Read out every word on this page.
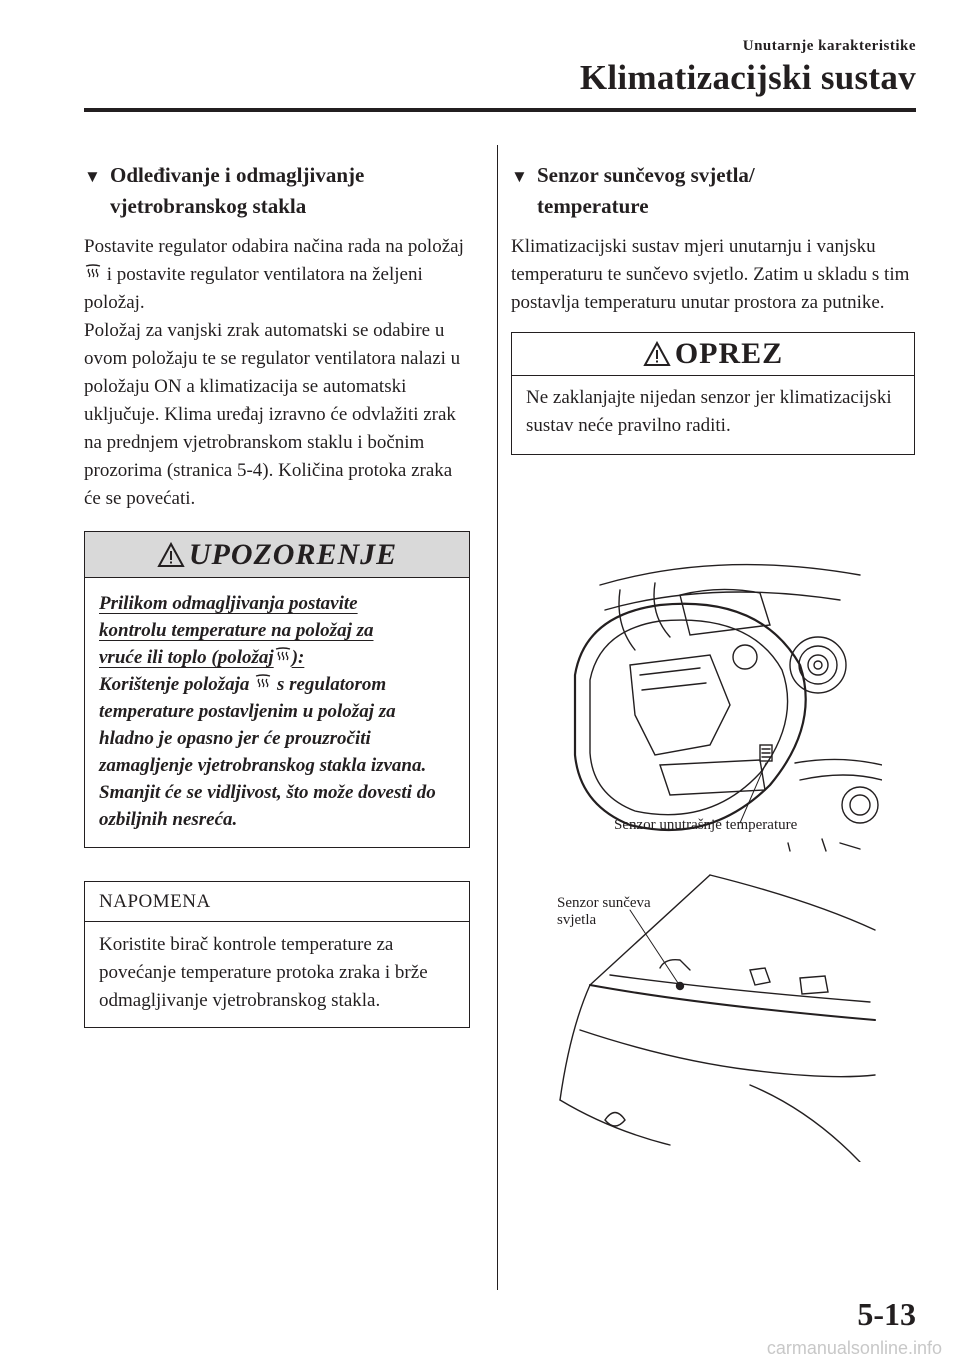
Unutarnje karakteristike
Klimatizacijski sustav
▼ Odleđivanje i odmagljivanje
vjetrobranskog stakla

Postavite regulator odabira načina rada na položaj  i postavite regulator ventilatora na željeni položaj.

Položaj za vanjski zrak automatski se odabire u ovom položaju te se regulator ventilatora nalazi u položaju ON a klimatizacija se automatski uključuje. Klima uređaj izravno će odvlažiti zrak na prednjem vjetrobranskom staklu i bočnim prozorima (stranica 5-4). Količina protoka zraka će se povećati.

UPOZORENJE

Prilikom odmagljivanja postavite
kontrolu temperature na položaj za
vruće ili toplo (položaj ):

Korištenje položaja s regulatorom temperature postavljenim u položaj za hladno je opasno jer će prouzročiti zamagljenje vjetrobranskog stakla izvana. Smanjit će se vidljivost, što može dovesti do ozbiljnih nesreća.

NAPOMENA

Koristite birač kontrole temperature za povećanje temperature protoka zraka i brže odmagljivanje vjetrobranskog stakla.

▼ Senzor sunčevog svjetla/
temperature

Klimatizacijski sustav mjeri unutarnju i vanjsku temperaturu te sunčevo svjetlo. Zatim u skladu s tim postavlja temperaturu unutar prostora za putnike.

OPREZ

Ne zaklanjajte nijedan senzor jer klimatizacijski sustav neće pravilno raditi.

Senzor unutrašnje temperature
Senzor sunčeva
svjetla
5-13
carmanualsonline.info
